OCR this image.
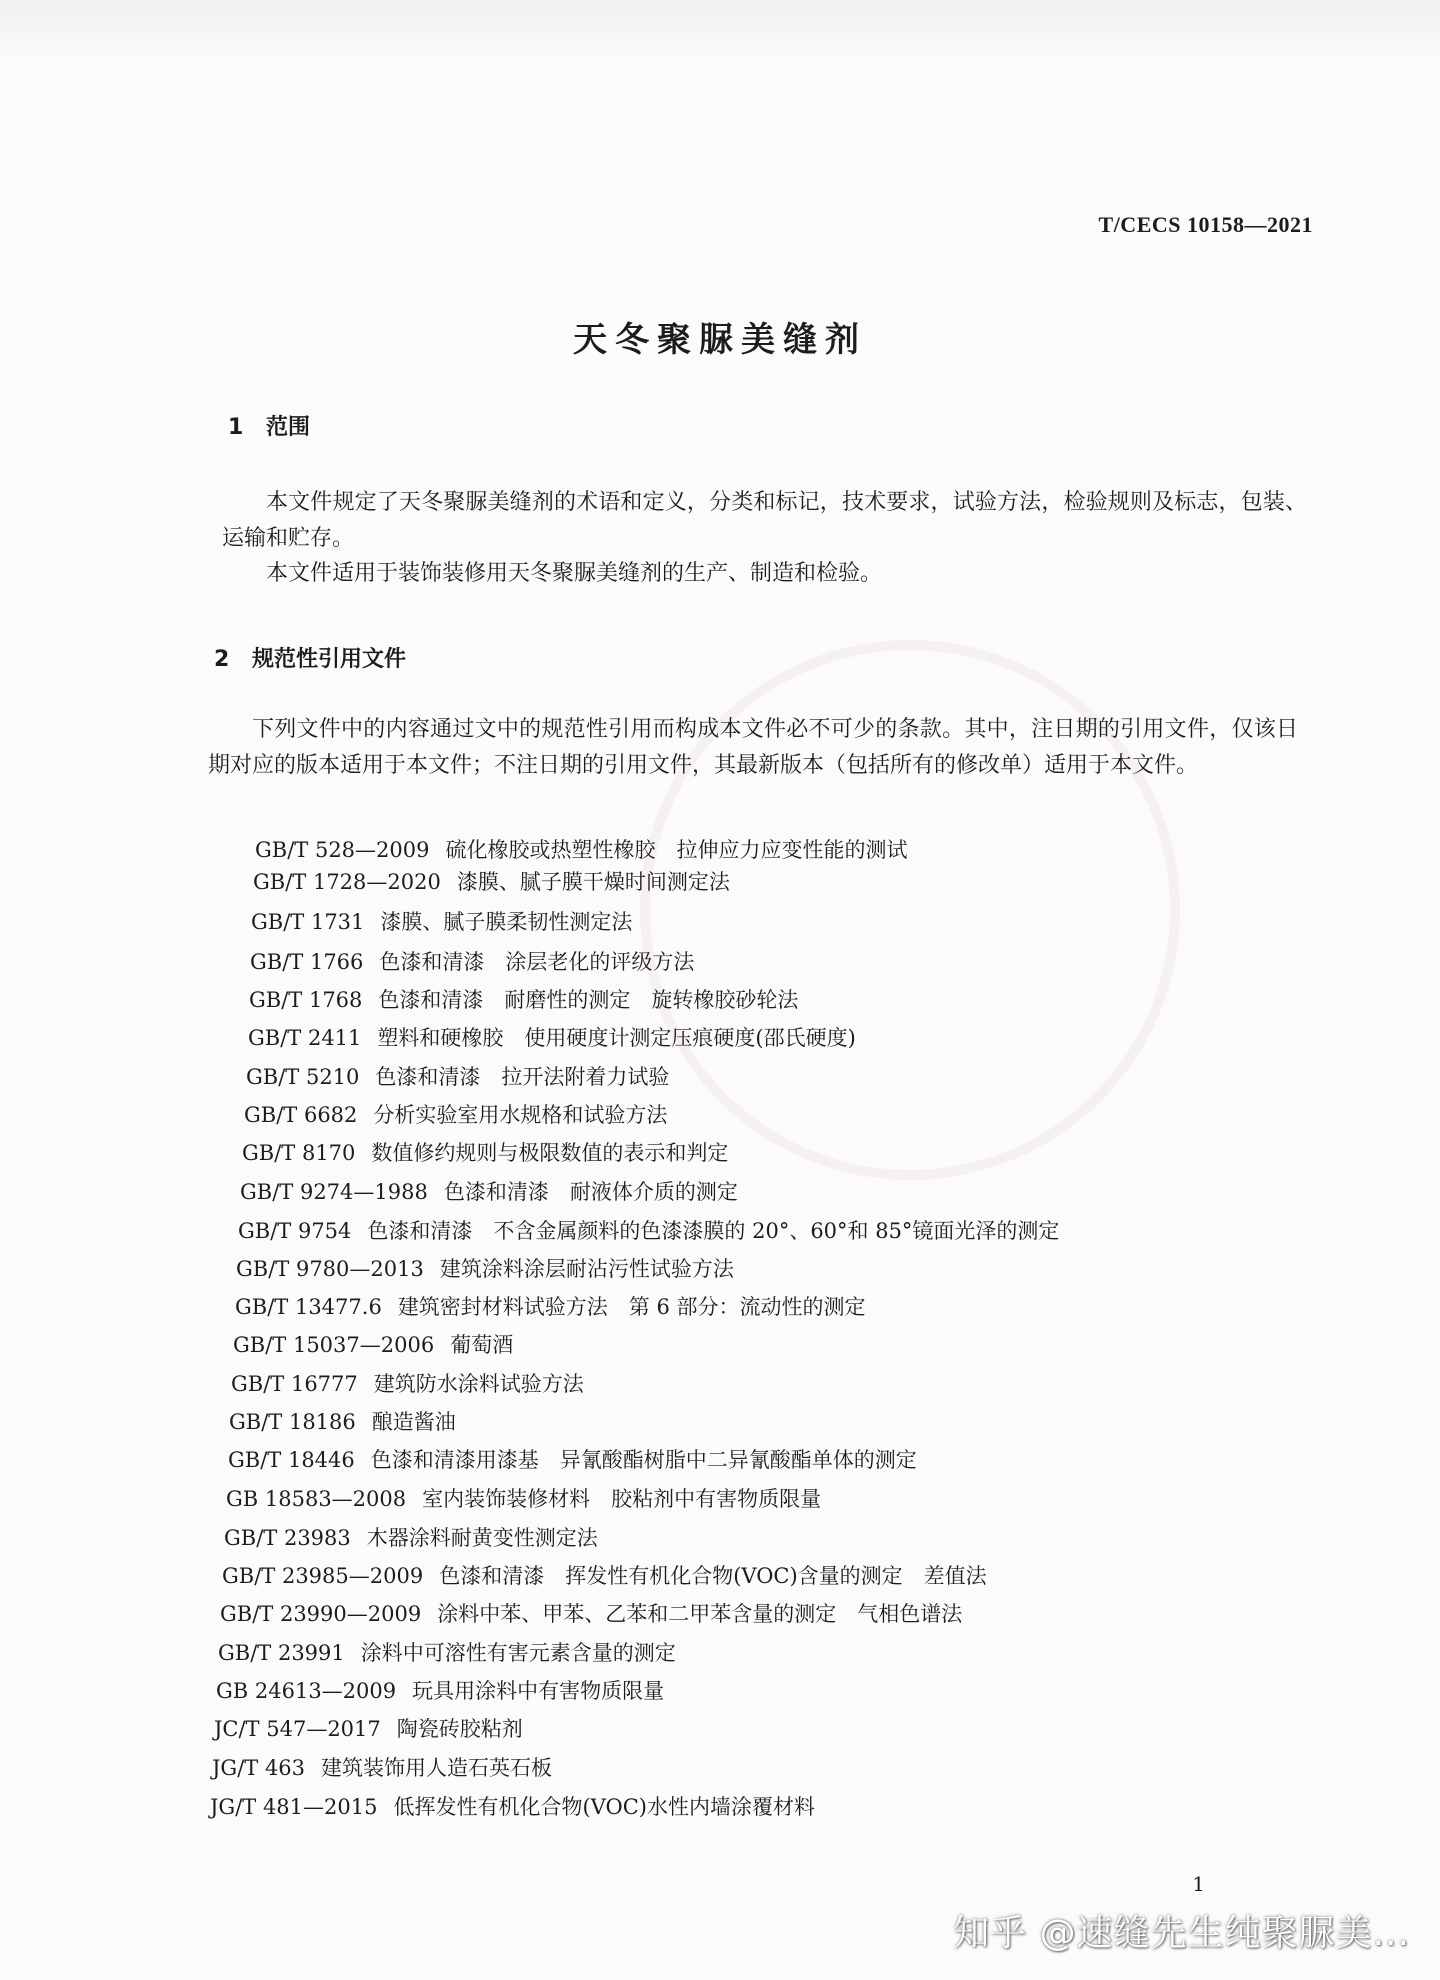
T/CECS 10158—2021
天冬聚脲美缝剂
1 范围
本文件规定了天冬聚脲美缝剂的术语和定义，分类和标记，技术要求，试验方法，检验规则及标志，包装、运输和贮存。
本文件适用于装饰装修用天冬聚脲美缝剂的生产、制造和检验。
2 规范性引用文件
下列文件中的内容通过文中的规范性引用而构成本文件必不可少的条款。其中，注日期的引用文件，仅该日期对应的版本适用于本文件；不注日期的引用文件，其最新版本（包括所有的修改单）适用于本文件。
GB/T 528—2009 硫化橡胶或热塑性橡胶　拉伸应力应变性能的测试
GB/T 1728—2020 漆膜、腻子膜干燥时间测定法
GB/T 1731 漆膜、腻子膜柔韧性测定法
GB/T 1766 色漆和清漆　涂层老化的评级方法
GB/T 1768 色漆和清漆　耐磨性的测定　旋转橡胶砂轮法
GB/T 2411 塑料和硬橡胶　使用硬度计测定压痕硬度(邵氏硬度)
GB/T 5210 色漆和清漆　拉开法附着力试验
GB/T 6682 分析实验室用水规格和试验方法
GB/T 8170 数值修约规则与极限数值的表示和判定
GB/T 9274—1988 色漆和清漆　耐液体介质的测定
GB/T 9754 色漆和清漆　不含金属颜料的色漆漆膜的 20°、60°和 85°镜面光泽的测定
GB/T 9780—2013 建筑涂料涂层耐沾污性试验方法
GB/T 13477.6 建筑密封材料试验方法　第 6 部分：流动性的测定
GB/T 15037—2006 葡萄酒
GB/T 16777 建筑防水涂料试验方法
GB/T 18186 酿造酱油
GB/T 18446 色漆和清漆用漆基　异氰酸酯树脂中二异氰酸酯单体的测定
GB 18583—2008 室内装饰装修材料　胶粘剂中有害物质限量
GB/T 23983 木器涂料耐黄变性测定法
GB/T 23985—2009 色漆和清漆　挥发性有机化合物(VOC)含量的测定　差值法
GB/T 23990—2009 涂料中苯、甲苯、乙苯和二甲苯含量的测定　气相色谱法
GB/T 23991 涂料中可溶性有害元素含量的测定
GB 24613—2009 玩具用涂料中有害物质限量
JC/T 547—2017 陶瓷砖胶粘剂
JG/T 463 建筑装饰用人造石英石板
JG/T 481—2015 低挥发性有机化合物(VOC)水性内墙涂覆材料
1
知乎 @速缝先生纯聚脲美...
